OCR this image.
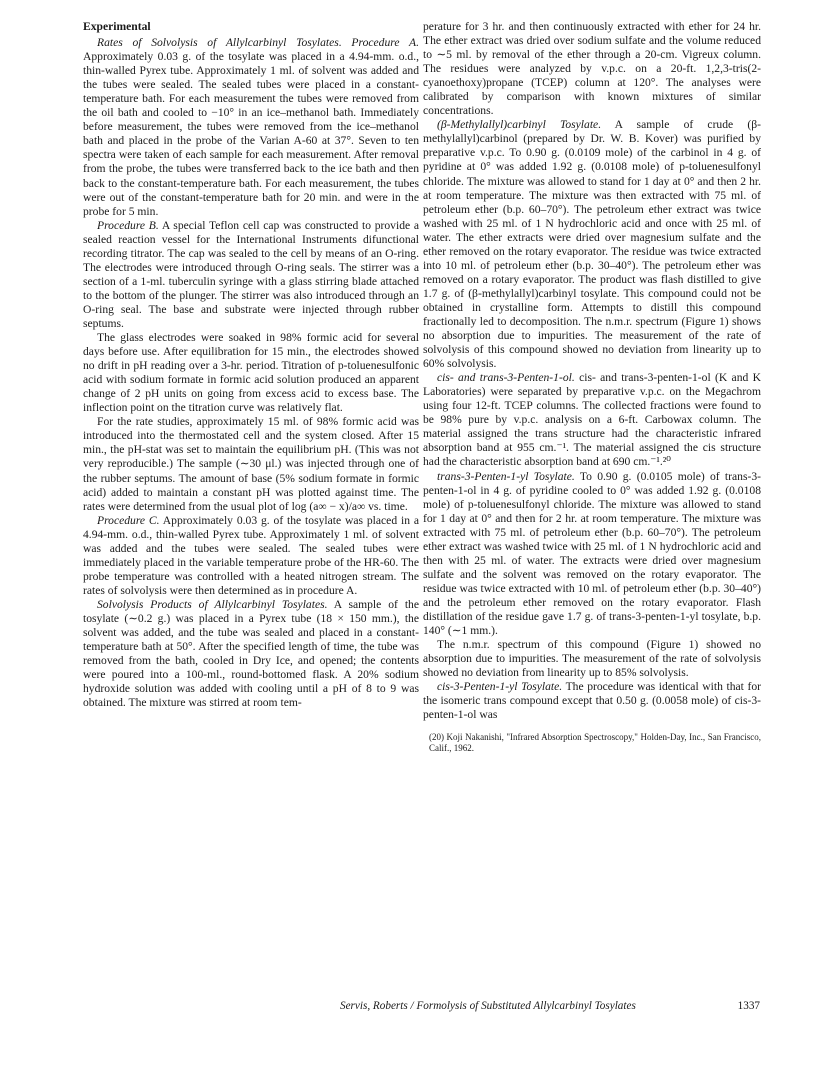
Experimental

Rates of Solvolysis of Allylcarbinyl Tosylates. Procedure A. Approximately 0.03 g. of the tosylate was placed in a 4.94-mm. o.d., thin-walled Pyrex tube. Approximately 1 ml. of solvent was added and the tubes were sealed. The sealed tubes were placed in a constant-temperature bath. For each measurement the tubes were removed from the oil bath and cooled to −10° in an ice–methanol bath. Immediately before measurement, the tubes were removed from the ice–methanol bath and placed in the probe of the Varian A-60 at 37°. Seven to ten spectra were taken of each sample for each measurement. After removal from the probe, the tubes were transferred back to the ice bath and then back to the constant-temperature bath. For each measurement, the tubes were out of the constant-temperature bath for 20 min. and were in the probe for 5 min.

Procedure B. A special Teflon cell cap was constructed to provide a sealed reaction vessel for the International Instruments difunctional recording titrator. The cap was sealed to the cell by means of an O-ring. The electrodes were introduced through O-ring seals. The stirrer was a section of a 1-ml. tuberculin syringe with a glass stirring blade attached to the bottom of the plunger. The stirrer was also introduced through an O-ring seal. The base and substrate were injected through rubber septums.

The glass electrodes were soaked in 98% formic acid for several days before use. After equilibration for 15 min., the electrodes showed no drift in pH reading over a 3-hr. period. Titration of p-toluenesulfonic acid with sodium formate in formic acid solution produced an apparent change of 2 pH units on going from excess acid to excess base. The inflection point on the titration curve was relatively flat.

For the rate studies, approximately 15 ml. of 98% formic acid was introduced into the thermostated cell and the system closed. After 15 min., the pH-stat was set to maintain the equilibrium pH. (This was not very reproducible.) The sample (∼30 μl.) was injected through one of the rubber septums. The amount of base (5% sodium formate in formic acid) added to maintain a constant pH was plotted against time. The rates were determined from the usual plot of log (a∞ − x)/a∞ vs. time.

Procedure C. Approximately 0.03 g. of the tosylate was placed in a 4.94-mm. o.d., thin-walled Pyrex tube. Approximately 1 ml. of solvent was added and the tubes were sealed. The sealed tubes were immediately placed in the variable temperature probe of the HR-60. The probe temperature was controlled with a heated nitrogen stream. The rates of solvolysis were then determined as in procedure A.

Solvolysis Products of Allylcarbinyl Tosylates. A sample of the tosylate (∼0.2 g.) was placed in a Pyrex tube (18 × 150 mm.), the solvent was added, and the tube was sealed and placed in a constant-temperature bath at 50°. After the specified length of time, the tube was removed from the bath, cooled in Dry Ice, and opened; the contents were poured into a 100-ml., round-bottomed flask. A 20% sodium hydroxide solution was added with cooling until a pH of 8 to 9 was obtained. The mixture was stirred at room tem-

perature for 3 hr. and then continuously extracted with ether for 24 hr. The ether extract was dried over sodium sulfate and the volume reduced to ∼5 ml. by removal of the ether through a 20-cm. Vigreux column. The residues were analyzed by v.p.c. on a 20-ft. 1,2,3-tris(2-cyanoethoxy)propane (TCEP) column at 120°. The analyses were calibrated by comparison with known mixtures of similar concentrations.

(β-Methylallyl)carbinyl Tosylate. A sample of crude (β-methylallyl)carbinol (prepared by Dr. W. B. Kover) was purified by preparative v.p.c. To 0.90 g. (0.0109 mole) of the carbinol in 4 g. of pyridine at 0° was added 1.92 g. (0.0108 mole) of p-toluenesulfonyl chloride. The mixture was allowed to stand for 1 day at 0° and then 2 hr. at room temperature. The mixture was then extracted with 75 ml. of petroleum ether (b.p. 60–70°). The petroleum ether extract was twice washed with 25 ml. of 1 N hydrochloric acid and once with 25 ml. of water. The ether extracts were dried over magnesium sulfate and the ether removed on the rotary evaporator. The residue was twice extracted into 10 ml. of petroleum ether (b.p. 30–40°). The petroleum ether was removed on a rotary evaporator. The product was flash distilled to give 1.7 g. of (β-methylallyl)carbinyl tosylate. This compound could not be obtained in crystalline form. Attempts to distill this compound fractionally led to decomposition. The n.m.r. spectrum (Figure 1) shows no absorption due to impurities. The measurement of the rate of solvolysis of this compound showed no deviation from linearity up to 60% solvolysis.

cis- and trans-3-Penten-1-ol. cis- and trans-3-penten-1-ol (K and K Laboratories) were separated by preparative v.p.c. on the Megachrom using four 12-ft. TCEP columns. The collected fractions were found to be 98% pure by v.p.c. analysis on a 6-ft. Carbowax column. The material assigned the trans structure had the characteristic infrared absorption band at 955 cm.⁻¹. The material assigned the cis structure had the characteristic absorption band at 690 cm.⁻¹.²⁰

trans-3-Penten-1-yl Tosylate. To 0.90 g. (0.0105 mole) of trans-3-penten-1-ol in 4 g. of pyridine cooled to 0° was added 1.92 g. (0.0108 mole) of p-toluenesulfonyl chloride. The mixture was allowed to stand for 1 day at 0° and then for 2 hr. at room temperature. The mixture was extracted with 75 ml. of petroleum ether (b.p. 60–70°). The petroleum ether extract was washed twice with 25 ml. of 1 N hydrochloric acid and then with 25 ml. of water. The extracts were dried over magnesium sulfate and the solvent was removed on the rotary evaporator. The residue was twice extracted with 10 ml. of petroleum ether (b.p. 30–40°) and the petroleum ether removed on the rotary evaporator. Flash distillation of the residue gave 1.7 g. of trans-3-penten-1-yl tosylate, b.p. 140° (∼1 mm.).

The n.m.r. spectrum of this compound (Figure 1) showed no absorption due to impurities. The measurement of the rate of solvolysis showed no deviation from linearity up to 85% solvolysis.

cis-3-Penten-1-yl Tosylate. The procedure was identical with that for the isomeric trans compound except that 0.50 g. (0.0058 mole) of cis-3-penten-1-ol was

(20) Koji Nakanishi, "Infrared Absorption Spectroscopy," Holden-Day, Inc., San Francisco, Calif., 1962.

Servis, Roberts / Formolysis of Substituted Allylcarbinyl Tosylates	1337
